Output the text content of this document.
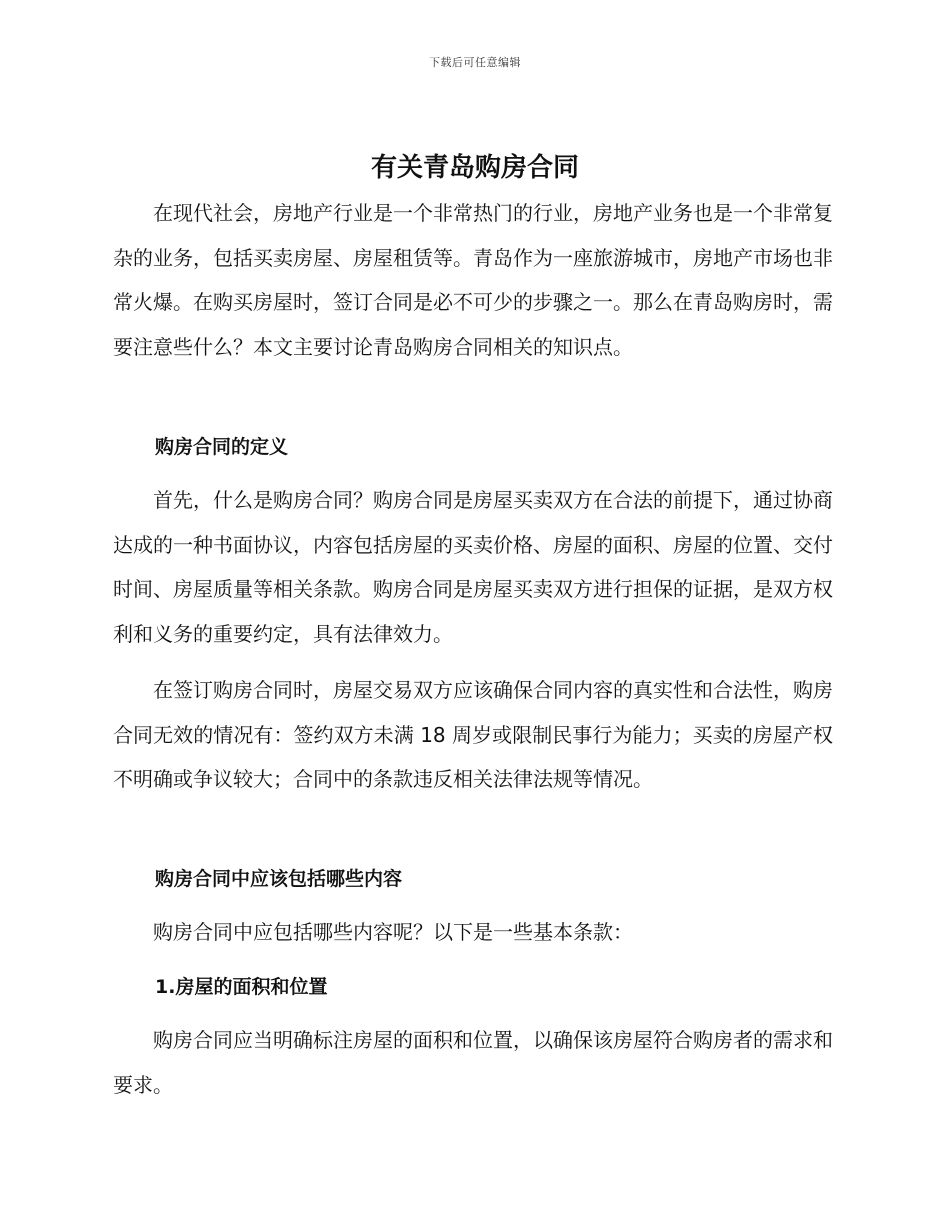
下载后可任意编辑
有关青岛购房合同

在现代社会，房地产行业是一个非常热门的行业，房地产业务也是一个非常复杂的业务，包括买卖房屋、房屋租赁等。青岛作为一座旅游城市，房地产市场也非常火爆。在购买房屋时，签订合同是必不可少的步骤之一。那么在青岛购房时，需要注意些什么？本文主要讨论青岛购房合同相关的知识点。

购房合同的定义

首先，什么是购房合同？购房合同是房屋买卖双方在合法的前提下，通过协商达成的一种书面协议，内容包括房屋的买卖价格、房屋的面积、房屋的位置、交付时间、房屋质量等相关条款。购房合同是房屋买卖双方进行担保的证据，是双方权利和义务的重要约定，具有法律效力。

在签订购房合同时，房屋交易双方应该确保合同内容的真实性和合法性，购房合同无效的情况有：签约双方未满 18 周岁或限制民事行为能力；买卖的房屋产权不明确或争议较大；合同中的条款违反相关法律法规等情况。

购房合同中应该包括哪些内容

购房合同中应包括哪些内容呢？以下是一些基本条款：

1.房屋的面积和位置

购房合同应当明确标注房屋的面积和位置，以确保该房屋符合购房者的需求和要求。
